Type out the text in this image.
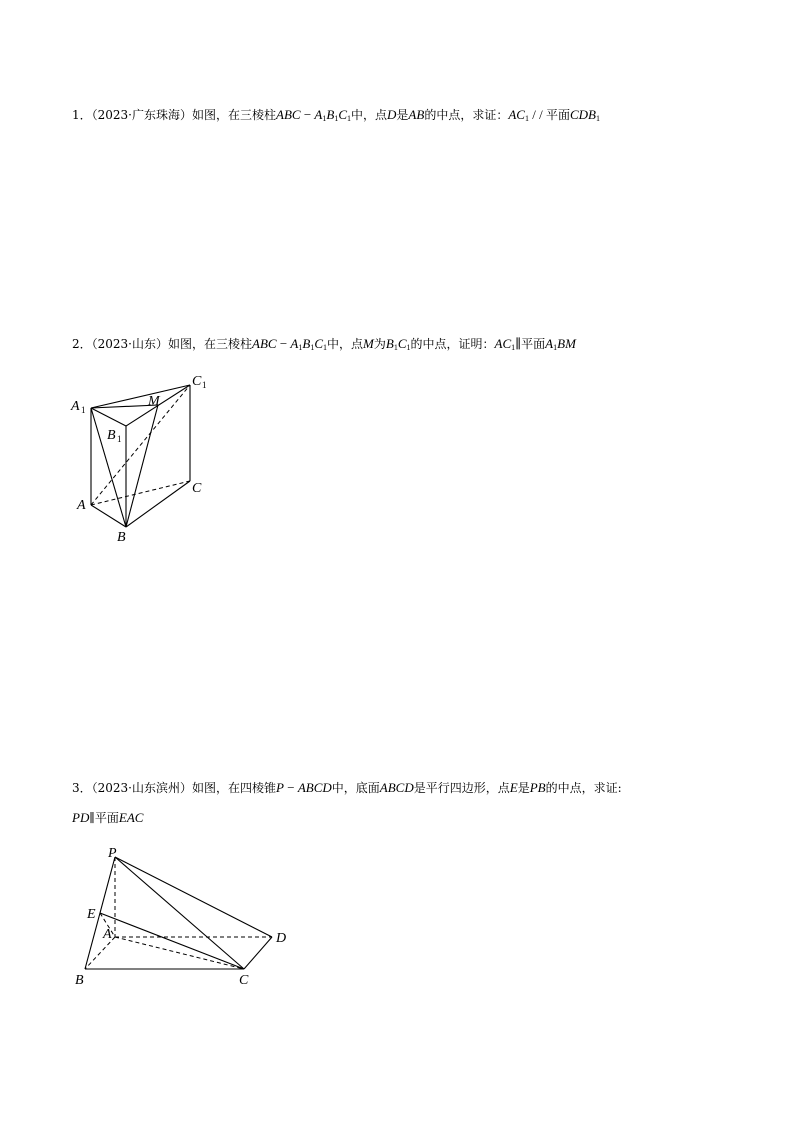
1．（2023·广东珠海）如图，在三棱柱ABC − $A_1B_1C_1$中，点D是AB的中点，求证：$AC_1$ / / 平面$CDB_1$
2．（2023·山东）如图，在三棱柱ABC − $A_1B_1C_1$中，点M为$B_1C_1$的中点，证明：$AC_1\parallel$平面$A_1BM$
A 1
B 1
C 1
M
A
B
C
3．（2023·山东滨州）如图，在四棱锥P − ABCD中，底面ABCD是平行四边形，点E是PB的中点，求证:
PD∥平面EAC
P
E
A
B	C
D
